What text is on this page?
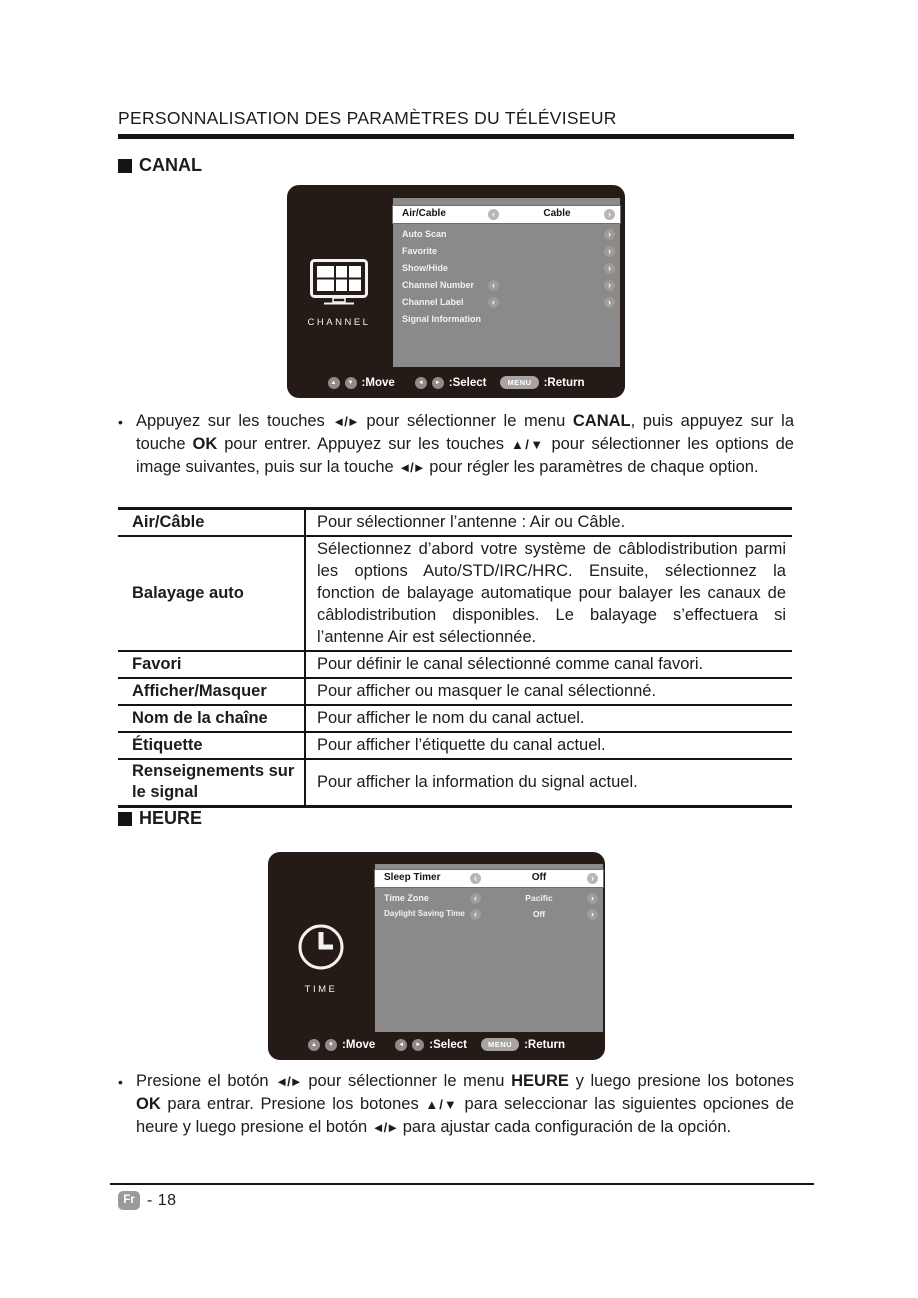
PERSONNALISATION DES PARAMÈTRES DU TÉLÉVISEUR
CANAL
CHANNEL
Air/Cable	‹	Cable	›
Auto Scan	›
Favorite	›
Show/Hide	›
Channel Number	‹	›
Channel Label	‹	›
Signal Information
▲	▼ :Move	◄	► :Select	MENU	:Return
• Appuyez sur les touches ◄/► pour sélectionner le menu CANAL, puis appuyez sur la touche OK pour entrer. Appuyez sur les touches ▲/▼ pour sélectionner les options de image suivantes, puis sur la touche ◄/► pour régler les paramètres de chaque option.
Air/Câble	Pour sélectionner l’antenne : Air ou Câble.
Balayage auto	Sélectionnez d’abord votre système de câblodistribution parmi les options Auto/STD/IRC/HRC. Ensuite, sélectionnez la fonction de balayage automatique pour balayer les canaux de câblodistribution disponibles. Le balayage s’effectuera si l’antenne Air est sélectionnée.
Favori	Pour définir le canal sélectionné comme canal favori.
Afficher/Masquer	Pour afficher ou masquer le canal sélectionné.
Nom de la chaîne	Pour afficher le nom du canal actuel.
Étiquette	Pour afficher l’étiquette du canal actuel.
Renseignements sur le signal	Pour afficher la information du signal actuel.
HEURE
TIME
Sleep Timer	‹	Off	›
Time Zone	‹	Pacific	›
Daylight Saving Time	‹	Off	›
▲	▼ :Move	◄	► :Select	MENU	:Return
• Presione el botón ◄/► pour sélectionner le menu HEURE y luego presione los botones OK para entrar. Presione los botones ▲/▼ para seleccionar las siguientes opciones de heure y luego presione el botón ◄/► para ajustar cada configuración de la opción.
Fr - 18
